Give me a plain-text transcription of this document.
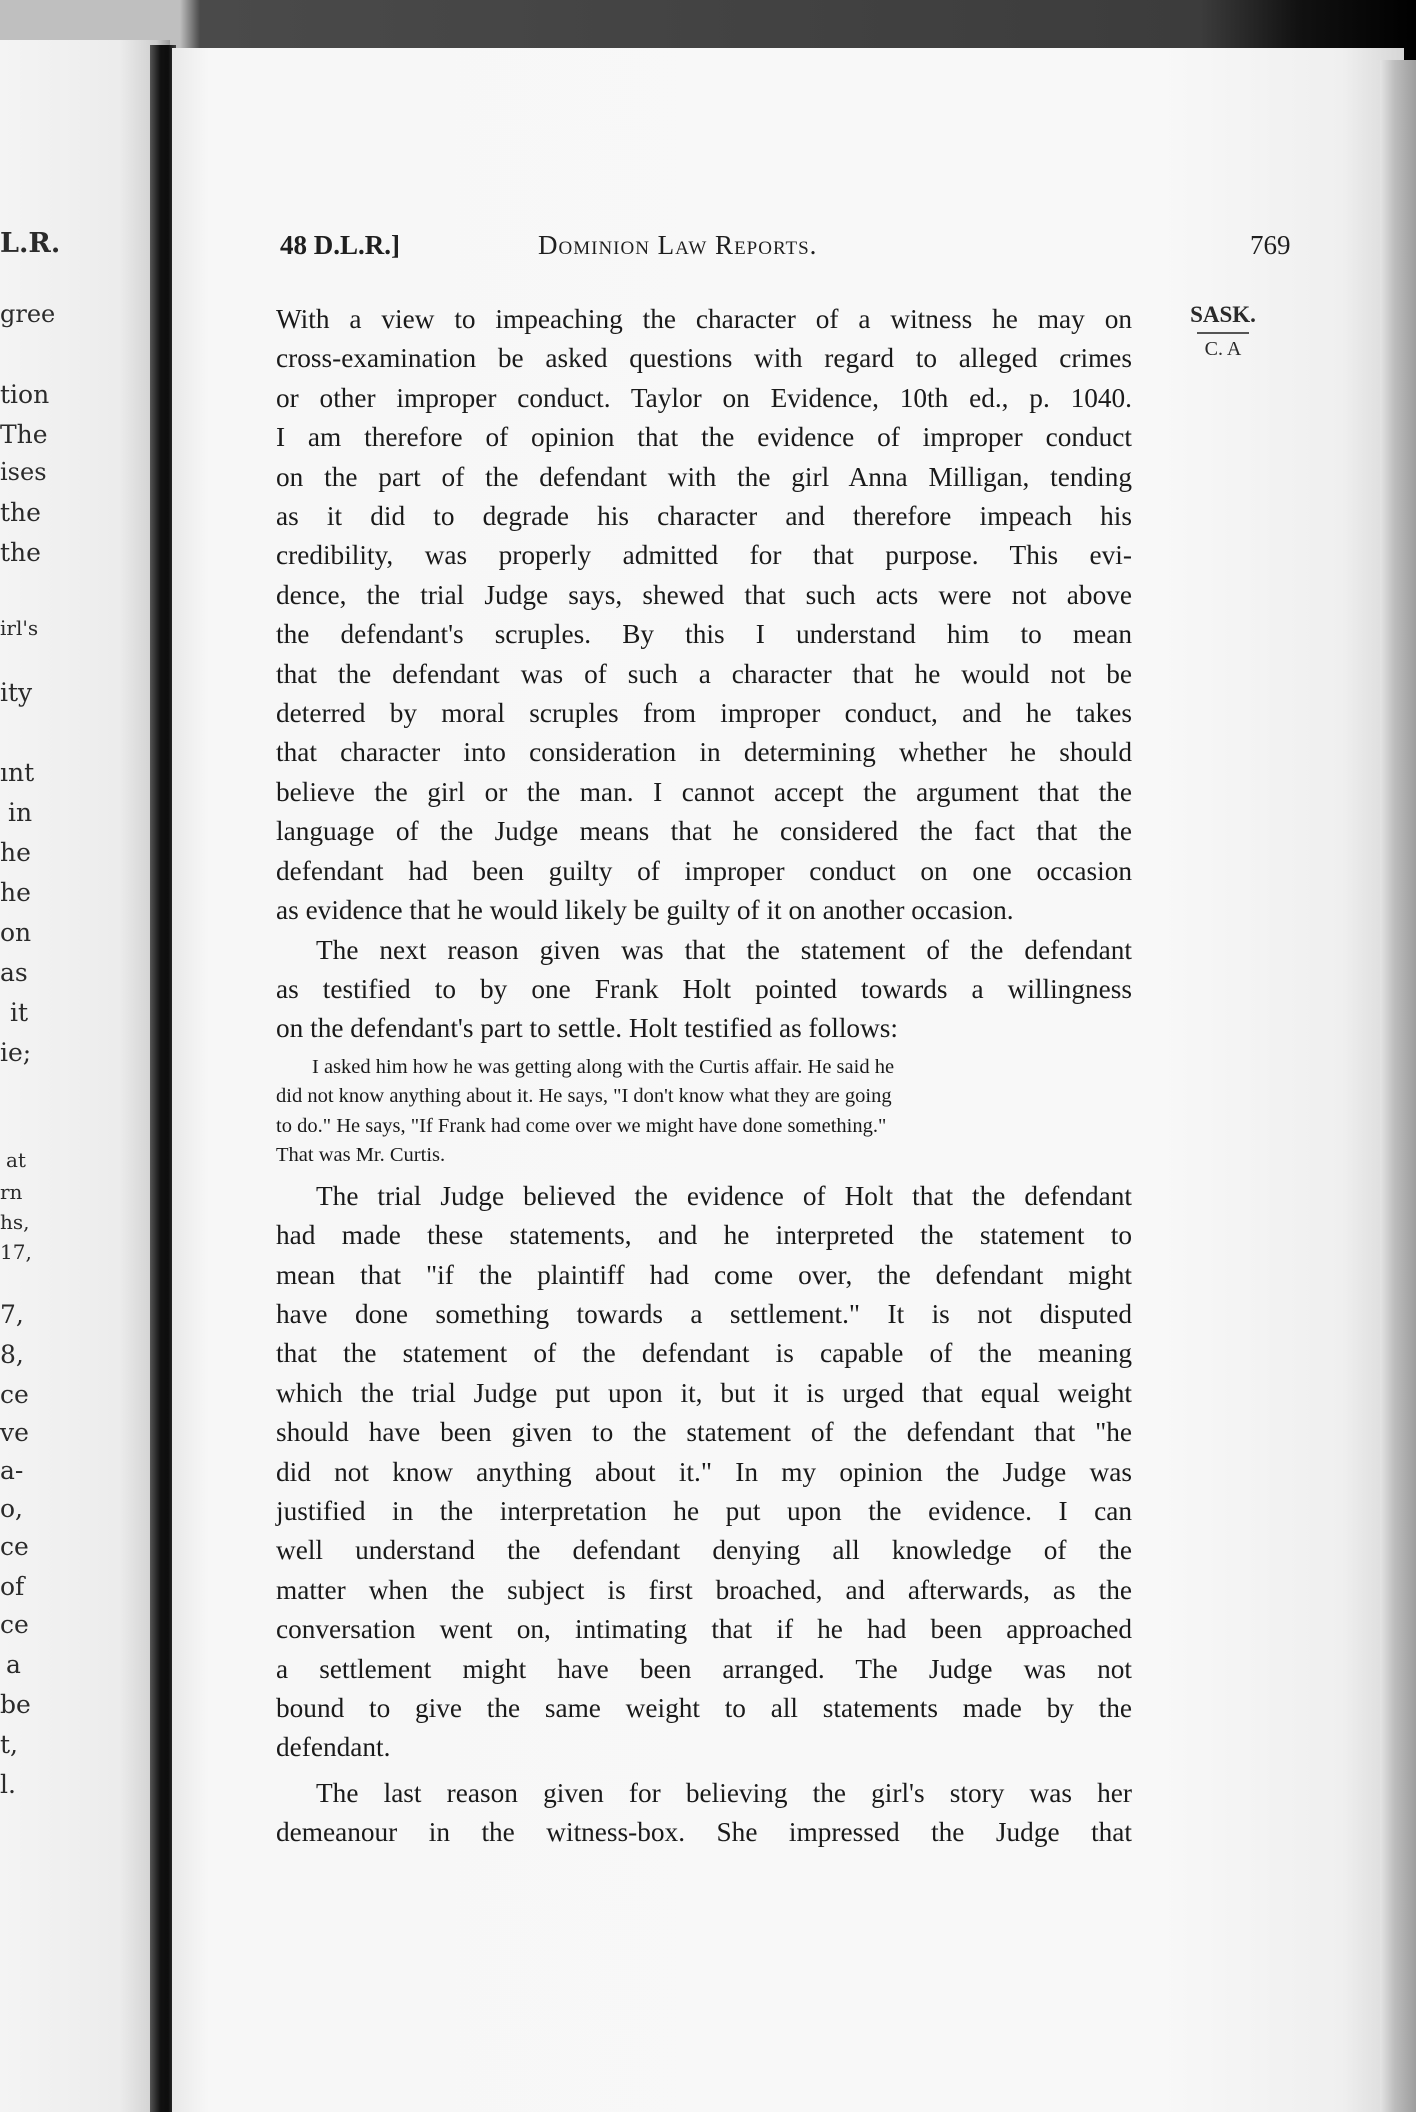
L.R.
gree
tion
The
ises
the
the
irl's
ity
ınt
in
he
he
on
as
it
ie;
at
rn
hs,
17,
7,
8,
ce
ve
a-
o,
ce
of
ce
a
be
t,
l.
48 D.L.R.]	Dominion Law Reports.	769
SASK.
C. A
With a view to impeaching the character of a witness he may on
cross-examination be asked questions with regard to alleged crimes
or other improper conduct. Taylor on Evidence, 10th ed., p. 1040.
I am therefore of opinion that the evidence of improper conduct
on the part of the defendant with the girl Anna Milligan, tending
as it did to degrade his character and therefore impeach his
credibility, was properly admitted for that purpose. This evi-
dence, the trial Judge says, shewed that such acts were not above
the defendant's scruples. By this I understand him to mean
that the defendant was of such a character that he would not be
deterred by moral scruples from improper conduct, and he takes
that character into consideration in determining whether he should
believe the girl or the man. I cannot accept the argument that the
language of the Judge means that he considered the fact that the
defendant had been guilty of improper conduct on one occasion
as evidence that he would likely be guilty of it on another occasion.
The next reason given was that the statement of the defendant
as testified to by one Frank Holt pointed towards a willingness
on the defendant's part to settle. Holt testified as follows:
I asked him how he was getting along with the Curtis affair. He said he
did not know anything about it. He says, "I don't know what they are going
to do." He says, "If Frank had come over we might have done something."
That was Mr. Curtis.
The trial Judge believed the evidence of Holt that the defendant
had made these statements, and he interpreted the statement to
mean that "if the plaintiff had come over, the defendant might
have done something towards a settlement." It is not disputed
that the statement of the defendant is capable of the meaning
which the trial Judge put upon it, but it is urged that equal weight
should have been given to the statement of the defendant that "he
did not know anything about it." In my opinion the Judge was
justified in the interpretation he put upon the evidence. I can
well understand the defendant denying all knowledge of the
matter when the subject is first broached, and afterwards, as the
conversation went on, intimating that if he had been approached
a settlement might have been arranged. The Judge was not
bound to give the same weight to all statements made by the
defendant.
The last reason given for believing the girl's story was her
demeanour in the witness-box. She impressed the Judge that
